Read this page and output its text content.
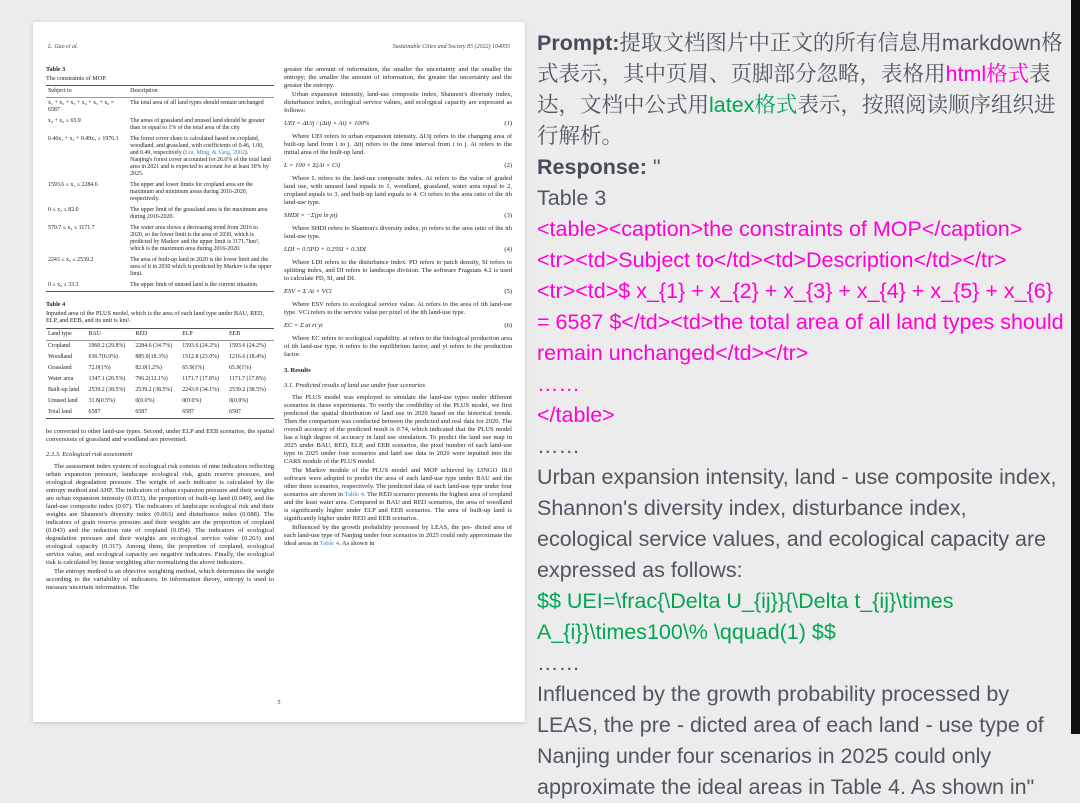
L. Gao et al.	Sustainable Cities and Society 85 (2022) 104055
Table 3
The constraints of MOP.
Subject to	Description
x₁ + x₂ + x₃ + x₄ + x₅ + x₆ = 6587	The total area of all land types should remain unchanged
x₃ + x₆ ≥ 65.9	The areas of grassland and unused land should be greater than or equal to 1% of the total area of the city
0.46x₁ + x₂ + 0.49x₃ ≥ 1976.1	The forest cover share is calculated based on cropland, woodland, and grassland, with coefficients of 0.46, 1.00, and 0.49, respectively (Liu, Ming, & Yang, 2002). Nanjing's forest cover accounted for 26.6% of the total land area in 2021 and is expected to account for at least 30% by 2025.
1593.6 ≤ x₁ ≤ 2284.6	The upper and lower limits for cropland area are the maximum and minimum areas during 2016-2020, respectively.
0 ≤ x₃ ≤ 82.0	The upper limit of the grassland area is the maximum area during 2016-2020.
570.7 ≤ x₄ ≤ 1171.7	The water area shows a decreasing trend from 2016 to 2020, so the lower limit is the area of 2030, which is predicted by Markov and the upper limit is 1171.7km², which is the maximum area during 2016-2020.
2243 ≤ x₅ ≤ 2539.2	The area of built-up land in 2020 is the lower limit and the area of it in 2030 which is predicted by Markov is the upper limit.
0 ≤ x₆ ≤ 33.3	The upper limit of unused land is the current situation.
Table 4
Inputted area of the PLUS model, which is the area of each land type under BAU, RED, ELP, and EEB, and its unit is km².
Land type	BAU	RED	ELP	EEB
Cropland	1960.2 (29.8%)	2284.6 (34.7%)	1593.6 (24.2%)	1593.6 (24.2%)
Woodland	636.7(6.9%)	885.0(18.3%)	1512.8 (23.0%)	1216.6 (18.4%)
Grassland	72.0(1%)	82.0(1.2%)	65.9(1%)	65.9(1%)
Water area	1347.1 (20.5%)	796.2(12.1%)	1171.7 (17.8%)	1171.7 (17.8%)
Built-up land	2539.2 (38.5%)	2539.2 (38.5%)	2243.0 (34.1%)	2539.2 (38.5%)
Unused land	31.8(0.5%)	0(0.0%)	0(0.0%)	0(0.0%)
Total land	6587	6587	6587	6587
be converted to other land-use types. Second, under ELP and EEB scenarios, the spatial conversions of grassland and woodland are prevented.
2.3.3. Ecological risk assessment
The assessment index system of ecological risk consists of nine indicators reflecting urban expansion pressure, landscape ecological risk, grain reserve pressure, and ecological degradation pressure. The weight of each indicator is calculated by the entropy method and AHP. The indicators of urban expansion pressure and their weights are urban expansion intensity (0.053), the proportion of built-up land (0.049), and the land-use composite index (0.07). The indicators of landscape ecological risk and their weights are Shannon's diversity index (0.063) and disturbance index (0.088). The indicators of grain reserve pressure and their weights are the proportion of cropland (0.043) and the reduction rate of cropland (0.054). The indicators of ecological degradation pressure and their weights are ecological service value (0.263) and ecological capacity (0.317). Among them, the proportion of cropland, ecological service value, and ecological capacity are negative indicators. Finally, the ecological risk is calculated by linear weighting after normalizing the above indicators.
The entropy method is an objective weighting method, which determines the weight according to the variability of indicators. In information theory, entropy is used to measure uncertain information. The
greater the amount of information, the smaller the uncertainty and the smaller the entropy; the smaller the amount of information, the greater the uncertainty and the greater the entropy.
Urban expansion intensity, land-use composite index, Shannon's diversity index, disturbance index, ecological service values, and ecological capacity are expressed as follows:
UEI = ΔUij / (Δtij × Ai) × 100%	(1)
Where UEI refers to urban expansion intensity. ΔUij refers to the changing area of built-up land from i to j. Δtij refers to the time interval from i to j. Ai refers to the initial area of the built-up land.
L = 100 × Σ(Ai × Ci)	(2)
Where L refers to the land-use composite index. Ai refers to the value of graded land use, with unused land equals to 1, woodland, grassland, water area equal to 2, cropland equals to 3, and built-up land equals to 4. Ci refers to the area ratio of the ith land-use type.
SHDI = −Σ(pi ln pi)	(3)
Where SHDI refers to Shannon's diversity index. pi refers to the area ratio of the ith land-use type.
LDI = 0.5PD + 0.25SI + 0.3DI	(4)
Where LDI refers to the disturbance index. PD refers to patch density, SI refers to splitting index, and DI refers to landscape division. The software Fragstats 4.2 is used to calculate PD, SI, and DI.
ESV = Σ Ai × VCi	(5)
Where ESV refers to ecological service value. Ai refers to the area of ith land-use type. VCi refers to the service value per pixel of the ith land-use type.
EC = Σ ai ri yi	(6)
Where EC refers to ecological capability. ai refers to the biological production area of ith land-use type. ri refers to the equilibrium factor, and yi refers to the production factor.
3. Results
3.1. Predicted results of land use under four scenarios
The PLUS model was employed to simulate the land-use types under different scenarios in these experiments. To verify the credibility of the PLUS model, we first predicted the spatial distribution of land use in 2020 based on the historical trends. Then the comparison was conducted between the predicted and real data for 2020. The overall accuracy of the predicted result is 0.74, which indicated that the PLUS model has a high degree of accuracy in land use simulation. To predict the land use map in 2025 under BAU, RED, ELP, and EEB scenarios, the pixel number of each land-use type in 2025 under four scenarios and land use data in 2020 were inputted into the CARS module of the PLUS model.
The Markov module of the PLUS model and MOP achieved by LINGO 18.0 software were adopted to predict the area of each land-use type under BAU and the other three scenarios, respectively. The predicted data of each land-use type under four scenarios are shown in Table 4. The RED scenario presents the highest area of cropland and the least water area. Compared to BAU and RED scenarios, the area of woodland is significantly higher under ELP and EEB scenarios. The area of built-up land is significantly higher under RED and EEB scenarios.
Influenced by the growth probability processed by LEAS, the pre- dicted area of each land-use type of Nanjing under four scenarios in 2025 could only approximate the ideal areas in Table 4. As shown in
5
Prompt:提取文档图片中正文的所有信息用markdown格式表示，其中页眉、页脚部分忽略，表格用html格式表达，文档中公式用latex格式表示，按照阅读顺序组织进行解析。
Response: "
Table 3
<table><caption>the constraints of MOP</caption>
<tr><td>Subject to</td><td>Description</td></tr>
<tr><td>$ x_{1} + x_{2} + x_{3} + x_{4} + x_{5} + x_{6} = 6587 $</td><td>the total area of all land types should remain unchanged</td></tr>
……
</table>
……
Urban expansion intensity, land - use composite index, Shannon's diversity index, disturbance index, ecological service values, and ecological capacity are expressed as follows:
$$ UEI=\frac{\Delta U_{ij}}{\Delta t_{ij}\times A_{i}}\times100\% \qquad(1) $$
……
Influenced by the growth probability processed by LEAS, the pre - dicted area of each land - use type of Nanjing under four scenarios in 2025 could only approximate the ideal areas in Table 4. As shown in"
